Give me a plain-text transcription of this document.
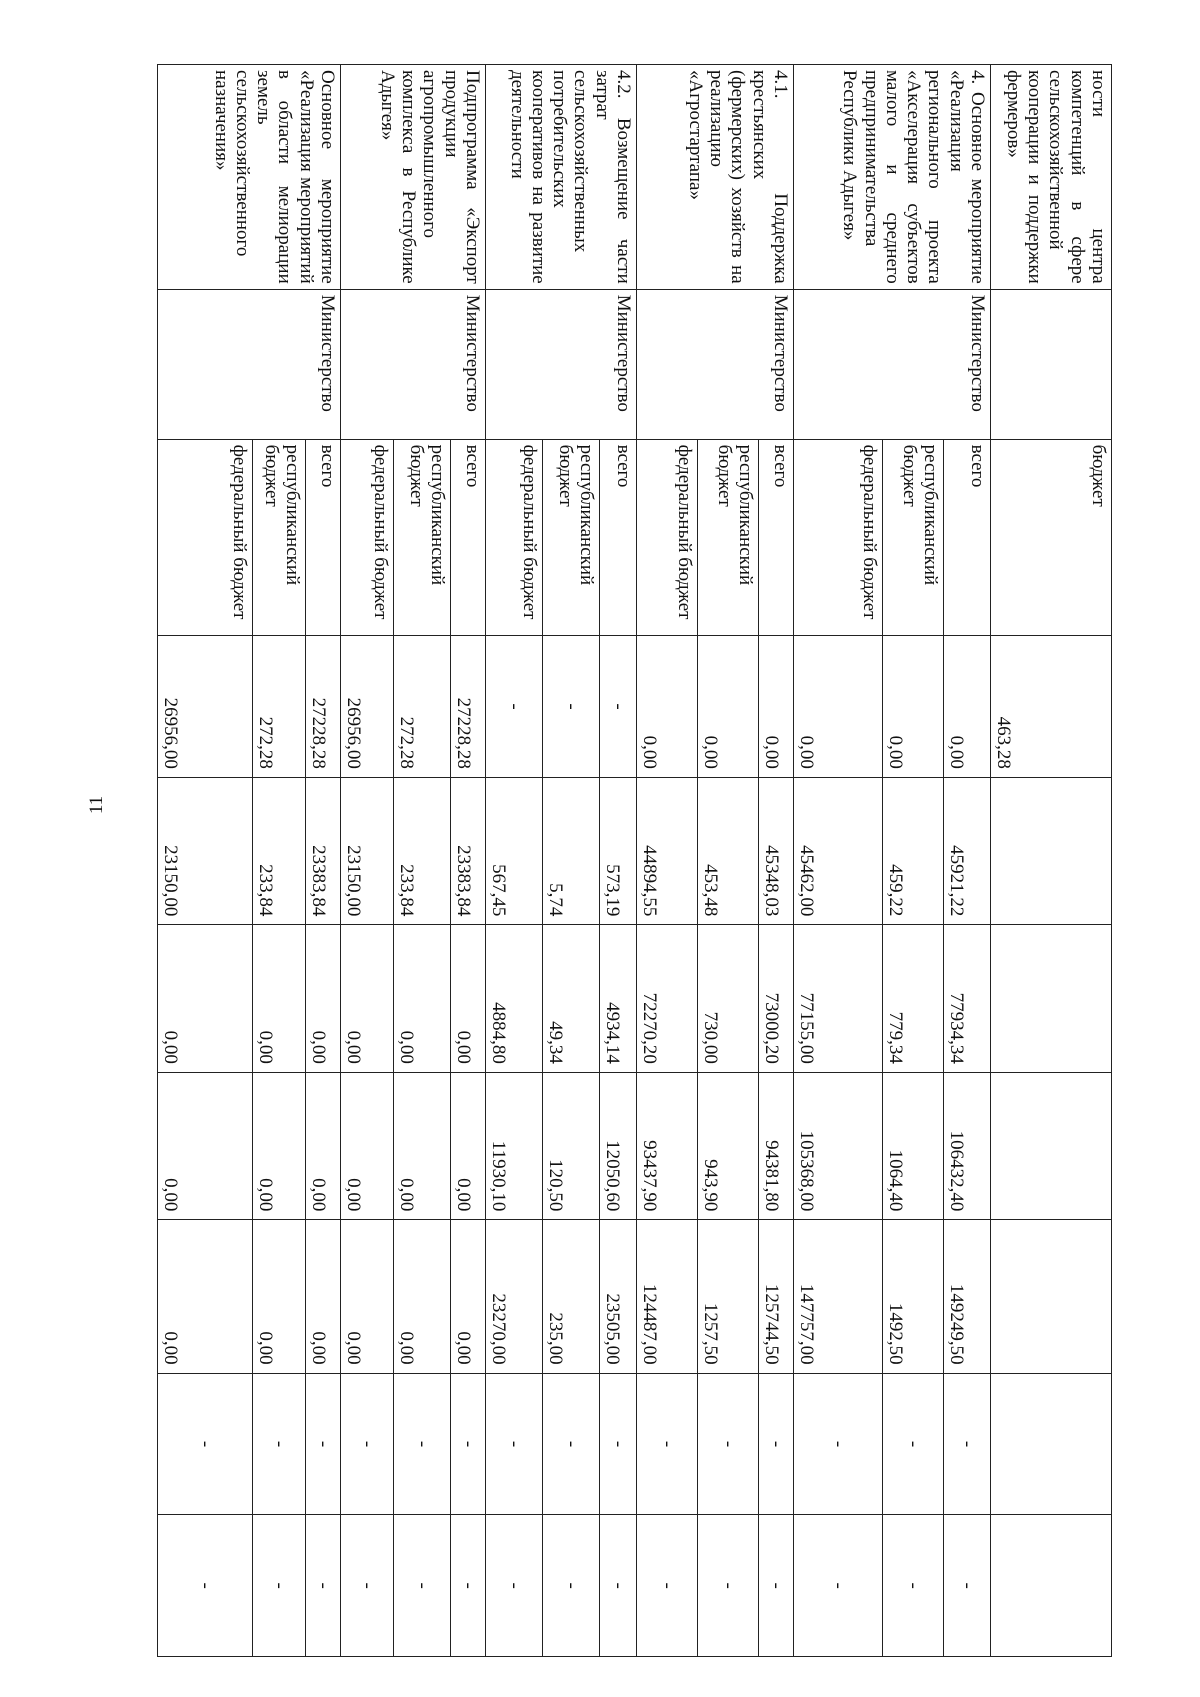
11
ности центра компетенций в сфере сельскохозяйственной кооперации и поддержки фермеров»		бюджет	463,28						
4. Основное мероприятие «Реализация регионального проекта «Акселерация субъектов малого и среднего предпринимательства Республики Адыгея»	Министерство	всего	0,00	45921,22	77934,34	106432,40	149249,50	-	-
		республиканский бюджет	0,00	459,22	779,34	1064,40	1492,50	-	-
		федеральный бюджет	0,00	45462,00	77155,00	105368,00	147757,00	-	-
4.1. Поддержка крестьянских (фермерских) хозяйств на реализацию «Агростартапа»	Министерство	всего	0,00	45348,03	73000,20	94381,80	125744,50	-	-
		республиканский бюджет	0,00	453,48	730,00	943,90	1257,50	-	-
		федеральный бюджет	0,00	44894,55	72270,20	93437,90	124487,00	-	-
4.2. Возмещение части затрат сельскохозяйственных потребительских кооперативов на развитие деятельности	Министерство	всего	-	573,19	4934,14	12050,60	23505,00	-	-
		республиканский бюджет	-	5,74	49,34	120,50	235,00	-	-
		федеральный бюджет	-	567,45	4884,80	11930,10	23270,00	-	-
Подпрограмма «Экспорт продукции агропромышленного комплекса в Республике Адыгея»	Министерство	всего	27228,28	23383,84	0,00	0,00	0,00	-	-
		республиканский бюджет	272,28	233,84	0,00	0,00	0,00	-	-
		федеральный бюджет	26956,00	23150,00	0,00	0,00	0,00	-	-
Основное мероприятие «Реализация мероприятий в области мелиорации земель сельскохозяйственного назначения»	Министерство	всего	27228,28	23383,84	0,00	0,00	0,00	-	-
		республиканский бюджет	272,28	233,84	0,00	0,00	0,00	-	-
		федеральный бюджет	26956,00	23150,00	0,00	0,00	0,00	-	-
